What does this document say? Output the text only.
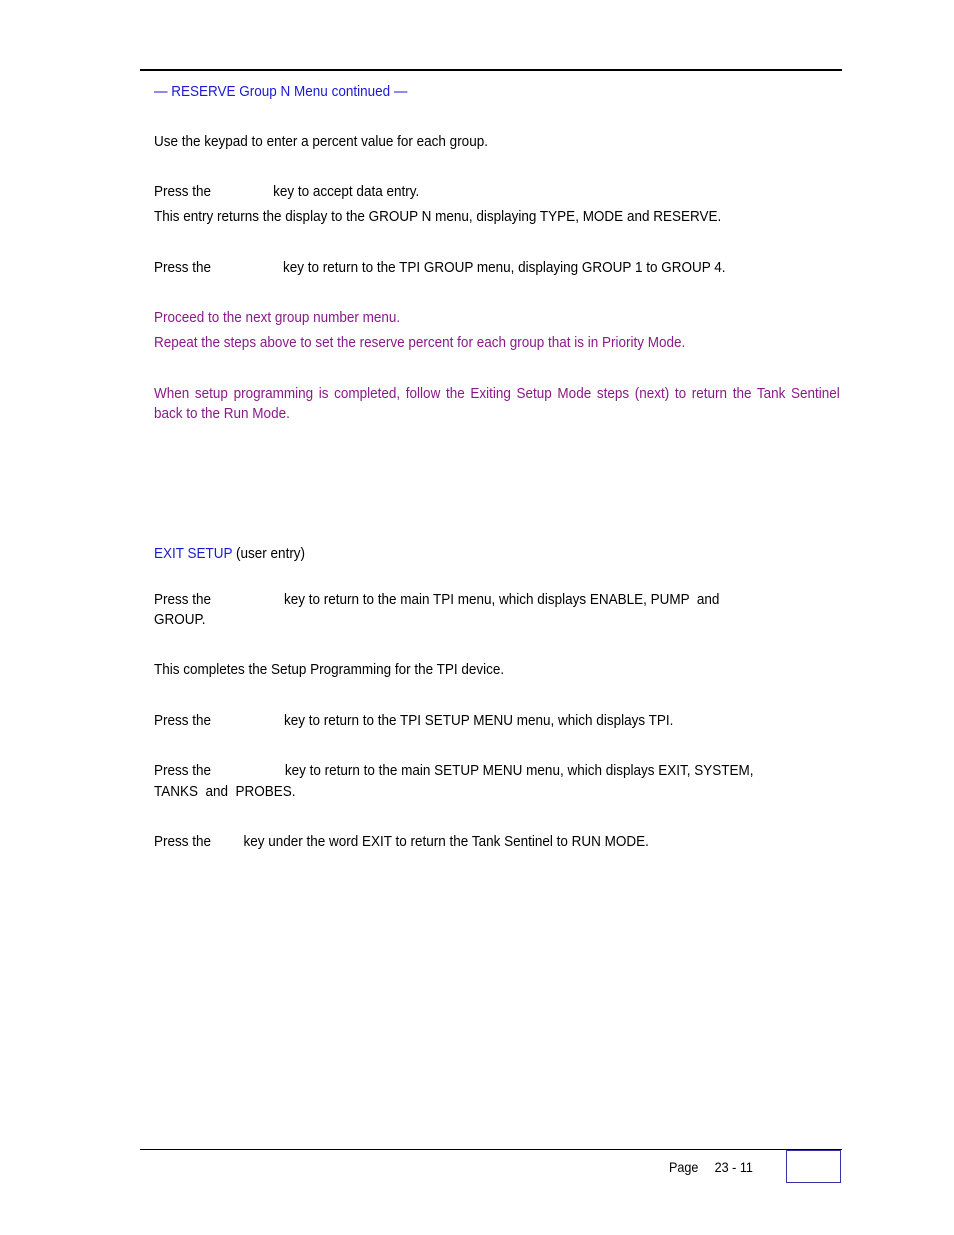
— RESERVE Group N Menu continued —
Use the keypad to enter a percent value for each group.
Press the	key to accept data entry.
This entry returns the display to the GROUP N menu, displaying TYPE, MODE and RESERVE.
Press the	key to return to the TPI GROUP menu, displaying GROUP 1 to GROUP 4.
Proceed to the next group number menu.
Repeat the steps above to set the reserve percent for each group that is in Priority Mode.
When setup programming is completed, follow the Exiting Setup Mode steps (next) to return the Tank Sentinel back to the Run Mode.
EXIT SETUP (user entry)
Press the	key to return to the main TPI menu, which displays ENABLE, PUMP  and
GROUP.
This completes the Setup Programming for the TPI device.
Press the	key to return to the TPI SETUP MENU menu, which displays TPI.
Press the	key to return to the main SETUP MENU menu, which displays EXIT, SYSTEM,
TANKS  and  PROBES.
Press the key under the word EXIT to return the Tank Sentinel to RUN MODE.
Page 23 - 11
